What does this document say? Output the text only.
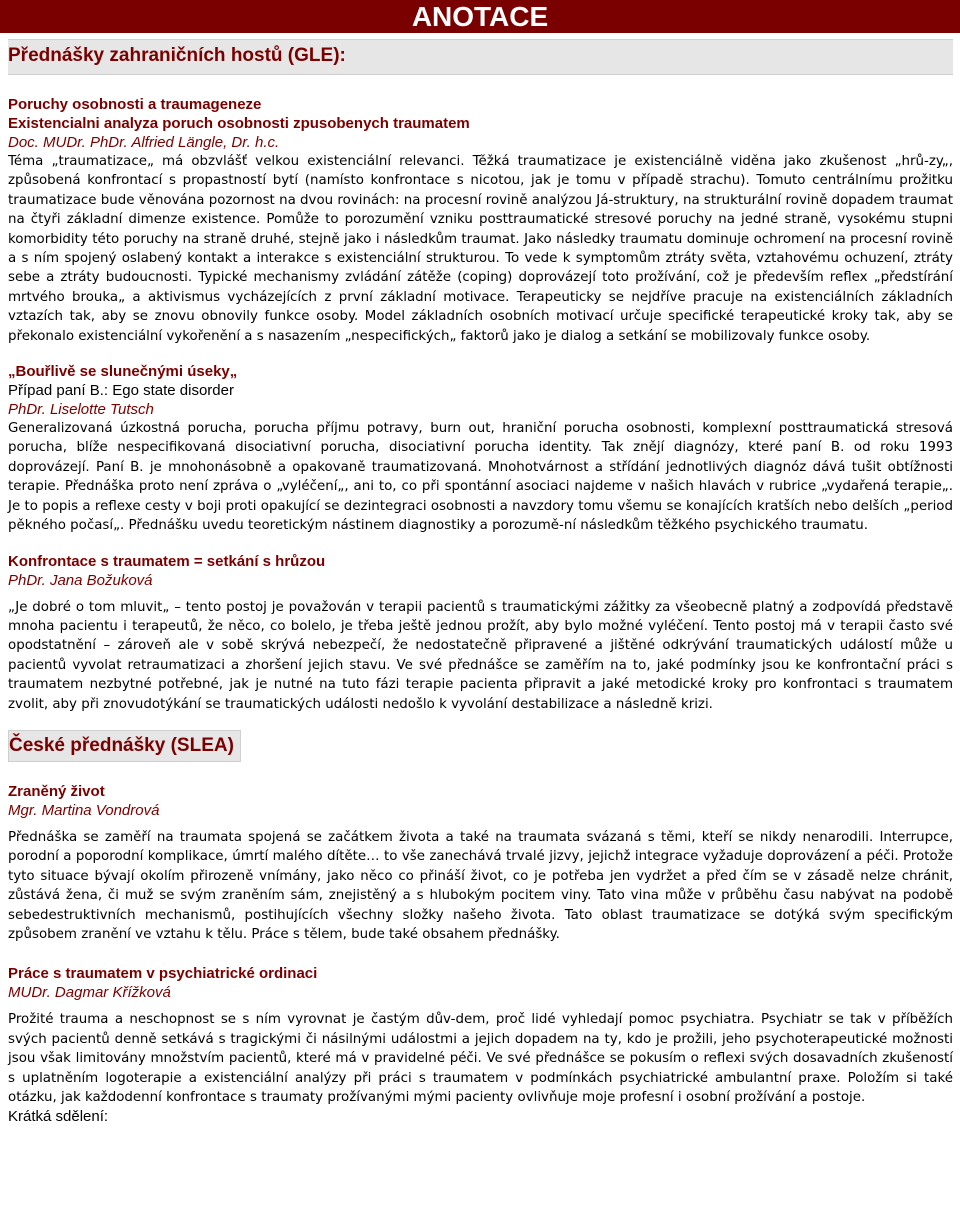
ANOTACE
Přednášky zahraničních hostů (GLE):
Poruchy osobnosti a traumageneze
Existencialni analyza poruch osobnosti zpusobenych traumatem
Doc. MUDr. PhDr. Alfried Längle, Dr. h.c.

Téma „traumatizace„ má obzvlášť velkou existenciální relevanci. Těžká traumatizace je existenciálně viděna jako zkušenost „hrů-zy„, způsobená konfrontací s propastností bytí (namísto konfrontace s nicotou, jak je tomu v případě strachu). Tomuto centrálnímu prožitku traumatizace bude věnována pozornost na dvou rovinách: na procesní rovině analýzou Já-struktury, na strukturální rovině dopadem traumat na čtyři základní dimenze existence. Pomůže to porozumění vzniku posttraumatické stresové poruchy na jedné straně, vysokému stupni komorbidity této poruchy na straně druhé, stejně jako i následkům traumat. Jako následky traumatu dominuje ochromení na procesní rovině a s ním spojený oslabený kontakt a interakce s existenciální strukturou. To vede k symptomům ztráty světa, vztahovému ochuzení, ztráty sebe a ztráty budoucnosti. Typické mechanismy zvládání zátěže (coping) doprovázejí toto prožívání, což je především reflex „předstírání mrtvého brouka„ a aktivismus vycházejících z první základní motivace. Terapeuticky se nejdříve pracuje na existenciálních základních vztazích tak, aby se znovu obnovily funkce osoby. Model základních osobních motivací určuje specifické terapeutické kroky tak, aby se překonalo existenciální vykořenění a s nasazením „nespecifických„ faktorů jako je dialog a setkání se mobilizovaly funkce osoby.

„Bouřlivě se slunečnými úseky„
Případ paní B.: Ego state disorder
PhDr. Liselotte Tutsch

Generalizovaná úzkostná porucha, porucha příjmu potravy, burn out, hraniční porucha osobnosti, komplexní posttraumatická stresová porucha, blíže nespecifikovaná disociativní porucha, disociativní porucha identity. Tak znějí diagnózy, které paní B. od roku 1993 doprovázejí. Paní B. je mnohonásobně a opakovaně traumatizovaná. Mnohotvárnost a střídání jednotlivých diagnóz dává tušit obtížnosti terapie. Přednáška proto není zpráva o „vyléčení„, ani to, co při spontánní asociaci najdeme v našich hlavách v rubrice „vydařená terapie„. Je to popis a reflexe cesty v boji proti opakující se dezintegraci osobnosti a navzdory tomu všemu se konajících kratších nebo delších „period pěkného počasí„. Přednášku uvedu teoretickým nástinem diagnostiky a porozumě-ní následkům těžkého psychického traumatu.

Konfrontace s traumatem = setkání s hrůzou
PhDr. Jana Božuková

„Je dobré o tom mluvit„ – tento postoj je považován v terapii pacientů s traumatickými zážitky za všeobecně platný a zodpovídá představě mnoha pacientu i terapeutů, že něco, co bolelo, je třeba ještě jednou prožít, aby bylo možné vyléčení. Tento postoj má v terapii často své opodstatnění – zároveň ale v sobě skrývá nebezpečí, že nedostatečně připravené a jištěné odkrývání traumatických událostí může u pacientů vyvolat retraumatizaci a zhoršení jejich stavu. Ve své přednášce se zaměřím na to, jaké podmínky jsou ke konfrontační práci s traumatem nezbytné potřebné, jak je nutné na tuto fázi terapie pacienta připravit a jaké metodické kroky pro konfrontaci s traumatem zvolit, aby při znovudotýkání se traumatických události nedošlo k vyvolání destabilizace a následně krizi.

České přednášky (SLEA)
Zraněný život
Mgr. Martina Vondrová

Přednáška se zaměří na traumata spojená se začátkem života a také na traumata svázaná s těmi, kteří se nikdy nenarodili. Interrupce, porodní a poporodní komplikace, úmrtí malého dítěte… to vše zanechává trvalé jizvy, jejichž integrace vyžaduje doprovázení a péči. Protože tyto situace bývají okolím přirozeně vnímány, jako něco co přináší život, co je potřeba jen vydržet a před čím se v zásadě nelze chránit, zůstává žena, či muž se svým zraněním sám, znejistěný a s hlubokým pocitem viny. Tato vina může v průběhu času nabývat na podobě sebedestruktivních mechanismů, postihujících všechny složky našeho života. Tato oblast traumatizace se dotýká svým specifickým způsobem zranění ve vztahu k tělu. Práce s tělem, bude také obsahem přednášky.

Práce s traumatem v psychiatrické ordinaci
MUDr. Dagmar Křížková

Prožité trauma a neschopnost se s ním vyrovnat je častým dův-dem, proč lidé vyhledají pomoc psychiatra. Psychiatr se tak v příběžích svých pacientů denně setkává s tragickými či násilnými událostmi a jejich dopadem na ty, kdo je prožili, jeho psychoterapeutické možnosti jsou však limitovány množstvím pacientů, které má v pravidelné péči. Ve své přednášce se pokusím o reflexi svých dosavadních zkušeností s uplatněním logoterapie a existenciální analýzy při práci s traumatem v podmínkách psychiatrické ambulantní praxe. Položím si také otázku, jak každodenní konfrontace s traumaty prožívanými mými pacienty ovlivňuje moje profesní i osobní prožívání a postoje.

Krátká sdělení:
